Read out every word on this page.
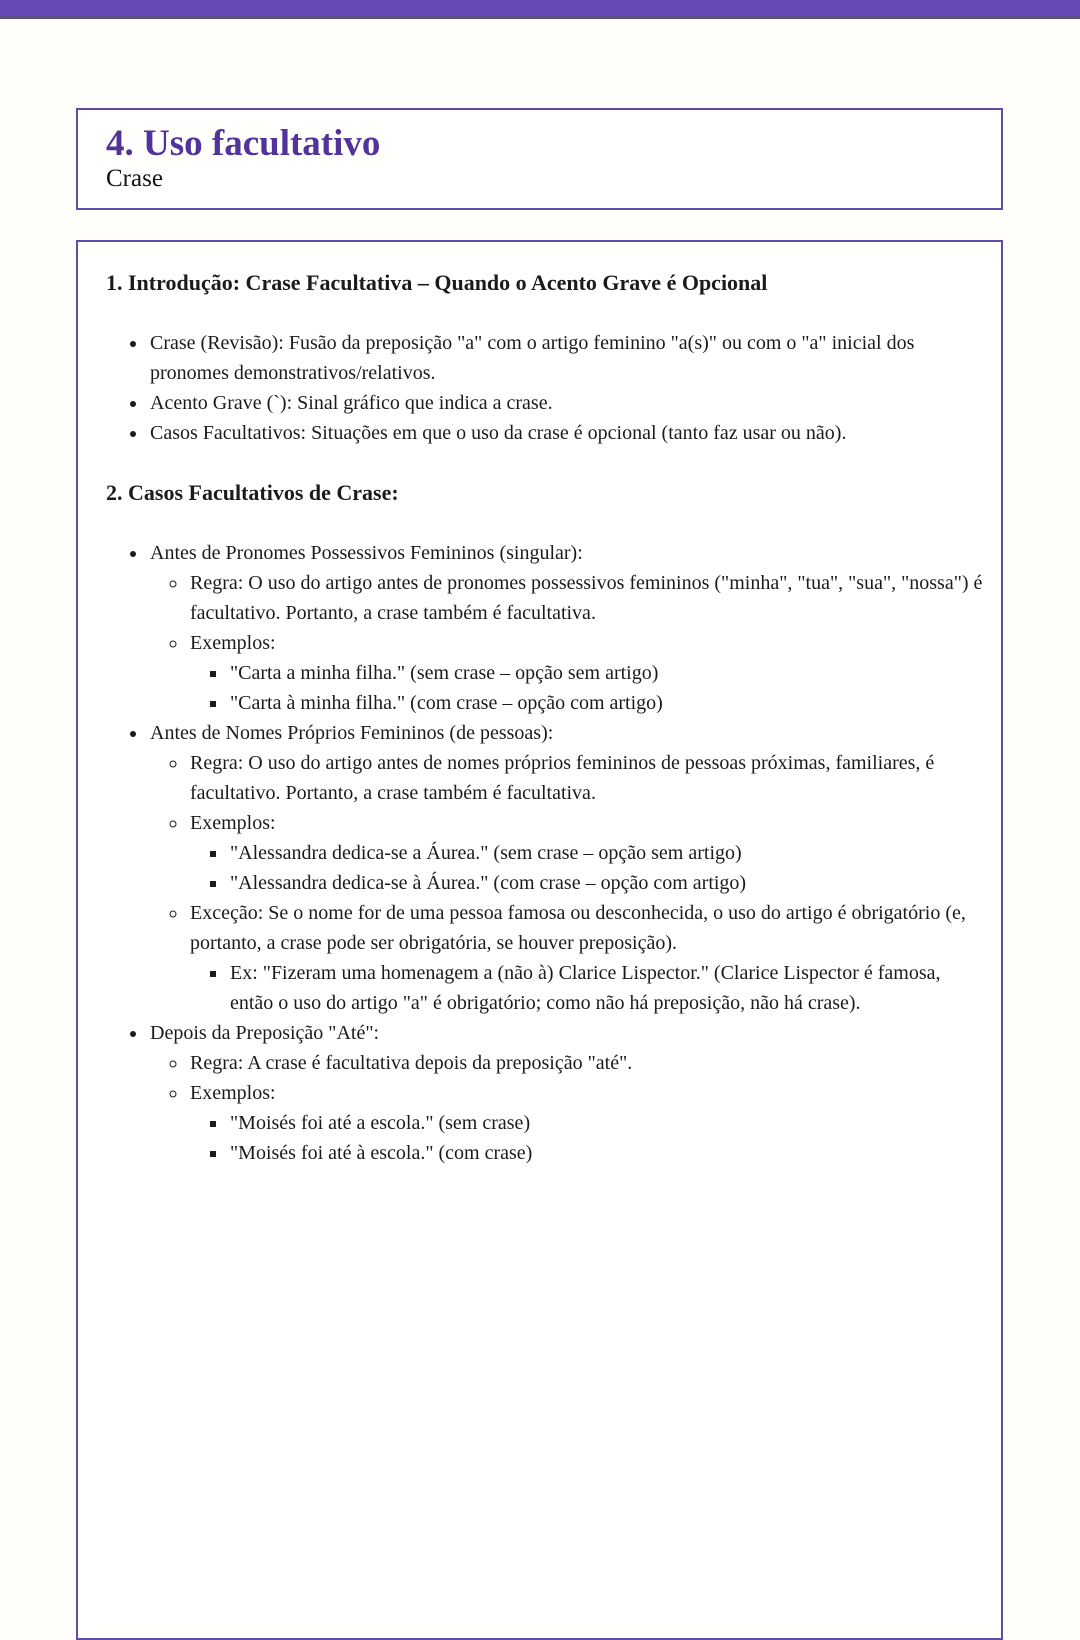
4. Uso facultativo
Crase

1. Introdução: Crase Facultativa – Quando o Acento Grave é Opcional

• Crase (Revisão): Fusão da preposição "a" com o artigo feminino "a(s)" ou com o "a" inicial dos pronomes demonstrativos/relativos.
• Acento Grave (`): Sinal gráfico que indica a crase.
• Casos Facultativos: Situações em que o uso da crase é opcional (tanto faz usar ou não).

2. Casos Facultativos de Crase:

• Antes de Pronomes Possessivos Femininos (singular):
◦ Regra: O uso do artigo antes de pronomes possessivos femininos ("minha", "tua", "sua", "nossa") é facultativo. Portanto, a crase também é facultativa.
◦ Exemplos:
▪ "Carta a minha filha." (sem crase – opção sem artigo)
▪ "Carta à minha filha." (com crase – opção com artigo)
• Antes de Nomes Próprios Femininos (de pessoas):
◦ Regra: O uso do artigo antes de nomes próprios femininos de pessoas próximas, familiares, é facultativo. Portanto, a crase também é facultativa.
◦ Exemplos:
▪ "Alessandra dedica-se a Áurea." (sem crase – opção sem artigo)
▪ "Alessandra dedica-se à Áurea." (com crase – opção com artigo)
◦ Exceção: Se o nome for de uma pessoa famosa ou desconhecida, o uso do artigo é obrigatório (e, portanto, a crase pode ser obrigatória, se houver preposição).
▪ Ex: "Fizeram uma homenagem a (não à) Clarice Lispector." (Clarice Lispector é famosa, então o uso do artigo "a" é obrigatório; como não há preposição, não há crase).
• Depois da Preposição "Até":
◦ Regra: A crase é facultativa depois da preposição "até".
◦ Exemplos:
▪ "Moisés foi até a escola." (sem crase)
▪ "Moisés foi até à escola." (com crase)
